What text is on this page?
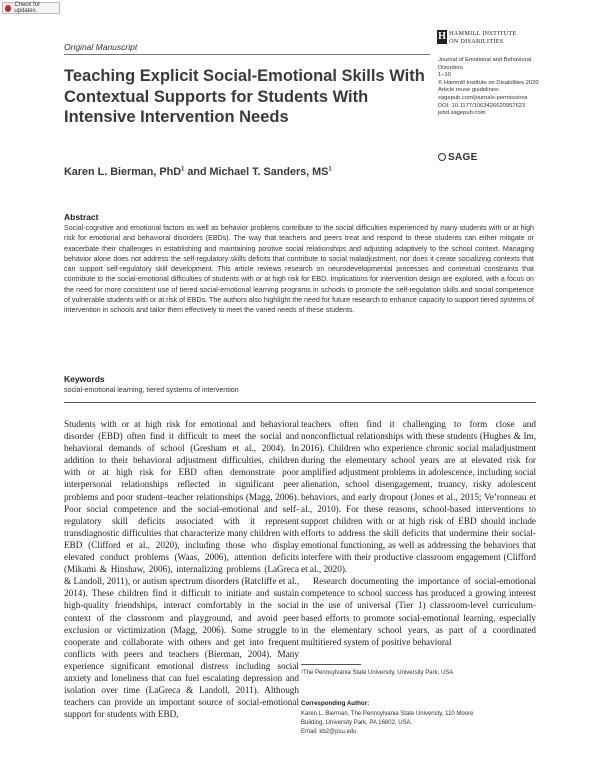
Check for updates
Original Manuscript
H HAMMILL INSTITUTE
ON DISABILITIES
Journal of Emotional and Behavioral
Disorders
1–10
© Hammill Institute on Disabilities 2020
Article reuse guidelines:
sagepub.com/journals-permissions
DOI: 10.1177/1063426620957623
jebd.sagepub.com
SAGE
Teaching Explicit Social-Emotional Skills With Contextual Supports for Students With Intensive Intervention Needs
Karen L. Bierman, PhD$^1$ and Michael T. Sanders, $MS^1$
Abstract
Social-cognitive and emotional factors as well as behavior problems contribute to the social difficulties experienced by many students with or at high risk for emotional and behavioral disorders (EBDs). The way that teachers and peers treat and respond to these students can either mitigate or exacerbate their challenges in establishing and maintaining positive social relationships and adjusting adaptively to the school context. Managing behavior alone does not address the self-regulatory skills deficits that contribute to social maladjustment, nor does it create socializing contexts that can support self-regulatory skill development. This article reviews research on neurodevelopmental processes and contextual constraints that contribute to the social-emotional difficulties of students with or at high risk for EBD. Implications for intervention design are explored, with a focus on the need for more consistent use of tiered social-emotional learning programs in schools to promote the self-regulation skills and social competence of vulnerable students with or at risk of EBDs. The authors also highlight the need for future research to enhance capacity to support tiered systems of intervention in schools and tailor them effectively to meet the varied needs of these students.
Keywords
social-emotional learning, tiered systems of intervention

Students with or at high risk for emotional and behavioral disorder (EBD) often find it difficult to meet the social and behavioral demands of school (Gresham et al., 2004). In addition to their behavioral adjustment difficulties, children with or at high risk for EBD often demonstrate poor interpersonal relationships reflected in significant peer problems and poor student–teacher relationships (Magg, 2006). Poor social competence and the social-emotional and self-regulatory skill deficits associated with it represent transdiagnostic difficulties that characterize many children with EBD (Clifford et al., 2020), including those who display elevated conduct problems (Waas, 2006), attention deficits (Mikami & Hinshaw, 2006), internalizing problems (LaGreca & Landoll, 2011), or autism spectrum disorders (Ratcliffe et al., 2014). These children find it difficult to initiate and sustain high-quality friendships, interact comfortably in the social context of the classroom and playground, and avoid peer exclusion or victimization (Magg, 2006). Some struggle to cooperate and collaborate with others and get into frequent conflicts with peers and teachers (Bierman, 2004). Many experience significant emotional distress including social anxiety and loneliness that can fuel escalating depression and isolation over time (LaGreca & Landoll, 2011). Although teachers can provide an important source of social-emotional support for students with EBD,

teachers often find it challenging to form close and nonconflictual relationships with these students (Hughes & Im, 2016). Children who experience chronic social maladjustment during the elementary school years are at elevated risk for amplified adjustment problems in adolescence, including social alienation, school disengagement, truancy, risky adolescent behaviors, and early dropout (Jones et al., 2015; Ve’ronneau et al., 2010). For these reasons, school-based interventions to support children with or at high risk of EBD should include efforts to address the skill deficits that undermine their social-emotional functioning, as well as addressing the behaviors that interfere with their productive classroom engagement (Clifford et al., 2020).

Research documenting the importance of social-emotional competence to school success has produced a growing interest in the use of universal (Tier 1) classroom-level curriculum-based efforts to promote social-emotional learning, especially in the elementary school years, as part of a coordinated multitiered system of positive behavioral

¹The Pennsylvania State University, University Park, USA
Corresponding Author:
Karen L. Bierman, The Pennsylvania State University, 110 Moore
Building, University Park, PA 16802, USA.
Email: kb2@psu.edu
